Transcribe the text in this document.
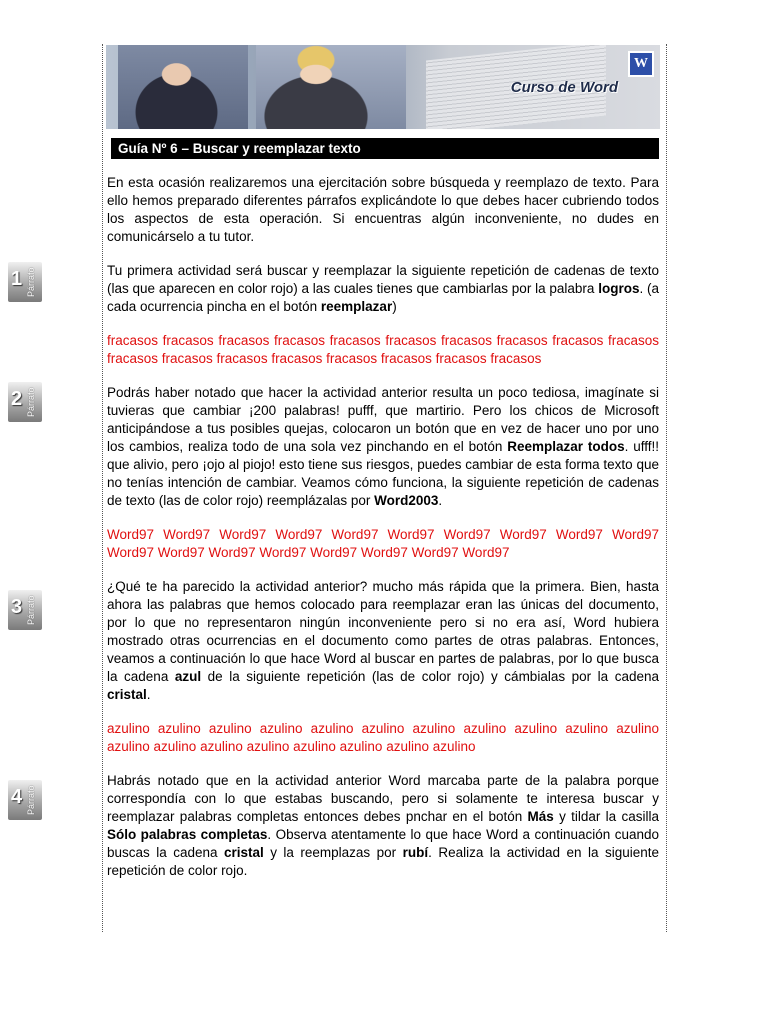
Curso de Word
W
Guía Nº 6 – Buscar y reemplazar texto
1 Párrafo
2 Párrafo
3 Párrafo
4 Párrafo

En esta ocasión realizaremos una ejercitación sobre búsqueda y reemplazo de texto. Para ello hemos preparado diferentes párrafos explicándote lo que debes hacer cubriendo todos los aspectos de esta operación. Si encuentras algún inconveniente, no dudes en comunicárselo a tu tutor.

Tu primera actividad será buscar y reemplazar la siguiente repetición de cadenas de texto (las que aparecen en color rojo) a las cuales tienes que cambiarlas por la palabra logros. (a cada ocurrencia pincha en el botón reemplazar)

fracasos fracasos fracasos fracasos fracasos fracasos fracasos fracasos fracasos fracasos fracasos fracasos fracasos fracasos fracasos fracasos fracasos fracasos

Podrás haber notado que hacer la actividad anterior resulta un poco tediosa, imagínate si tuvieras que cambiar ¡200 palabras! pufff, que martirio. Pero los chicos de Microsoft anticipándose a tus posibles quejas, colocaron un botón que en vez de hacer uno por uno los cambios, realiza todo de una sola vez pinchando en el botón Reemplazar todos. ufff!! que alivio, pero ¡ojo al piojo! esto tiene sus riesgos, puedes cambiar de esta forma texto que no tenías intención de cambiar. Veamos cómo funciona, la siguiente repetición de cadenas de texto (las de color rojo) reemplázalas por Word2003.

Word97 Word97 Word97 Word97 Word97 Word97 Word97 Word97 Word97 Word97 Word97 Word97 Word97 Word97 Word97 Word97 Word97 Word97

¿Qué te ha parecido la actividad anterior? mucho más rápida que la primera. Bien, hasta ahora las palabras que hemos colocado para reemplazar eran las únicas del documento, por lo que no representaron ningún inconveniente pero si no era así, Word hubiera mostrado otras ocurrencias en el documento como partes de otras palabras. Entonces, veamos a continuación lo que hace Word al buscar en partes de palabras, por lo que busca la cadena azul de la siguiente repetición (las de color rojo) y cámbialas por la cadena cristal.

azulino azulino azulino azulino azulino azulino azulino azulino azulino azulino azulino azulino azulino azulino azulino azulino azulino azulino azulino

Habrás notado que en la actividad anterior Word marcaba parte de la palabra porque correspondía con lo que estabas buscando, pero si solamente te interesa buscar y reemplazar palabras completas entonces debes pnchar en el botón Más y tildar la casilla Sólo palabras completas. Observa atentamente lo que hace Word a continuación cuando buscas la cadena cristal y la reemplazas por rubí. Realiza la actividad en la siguiente repetición de color rojo.
